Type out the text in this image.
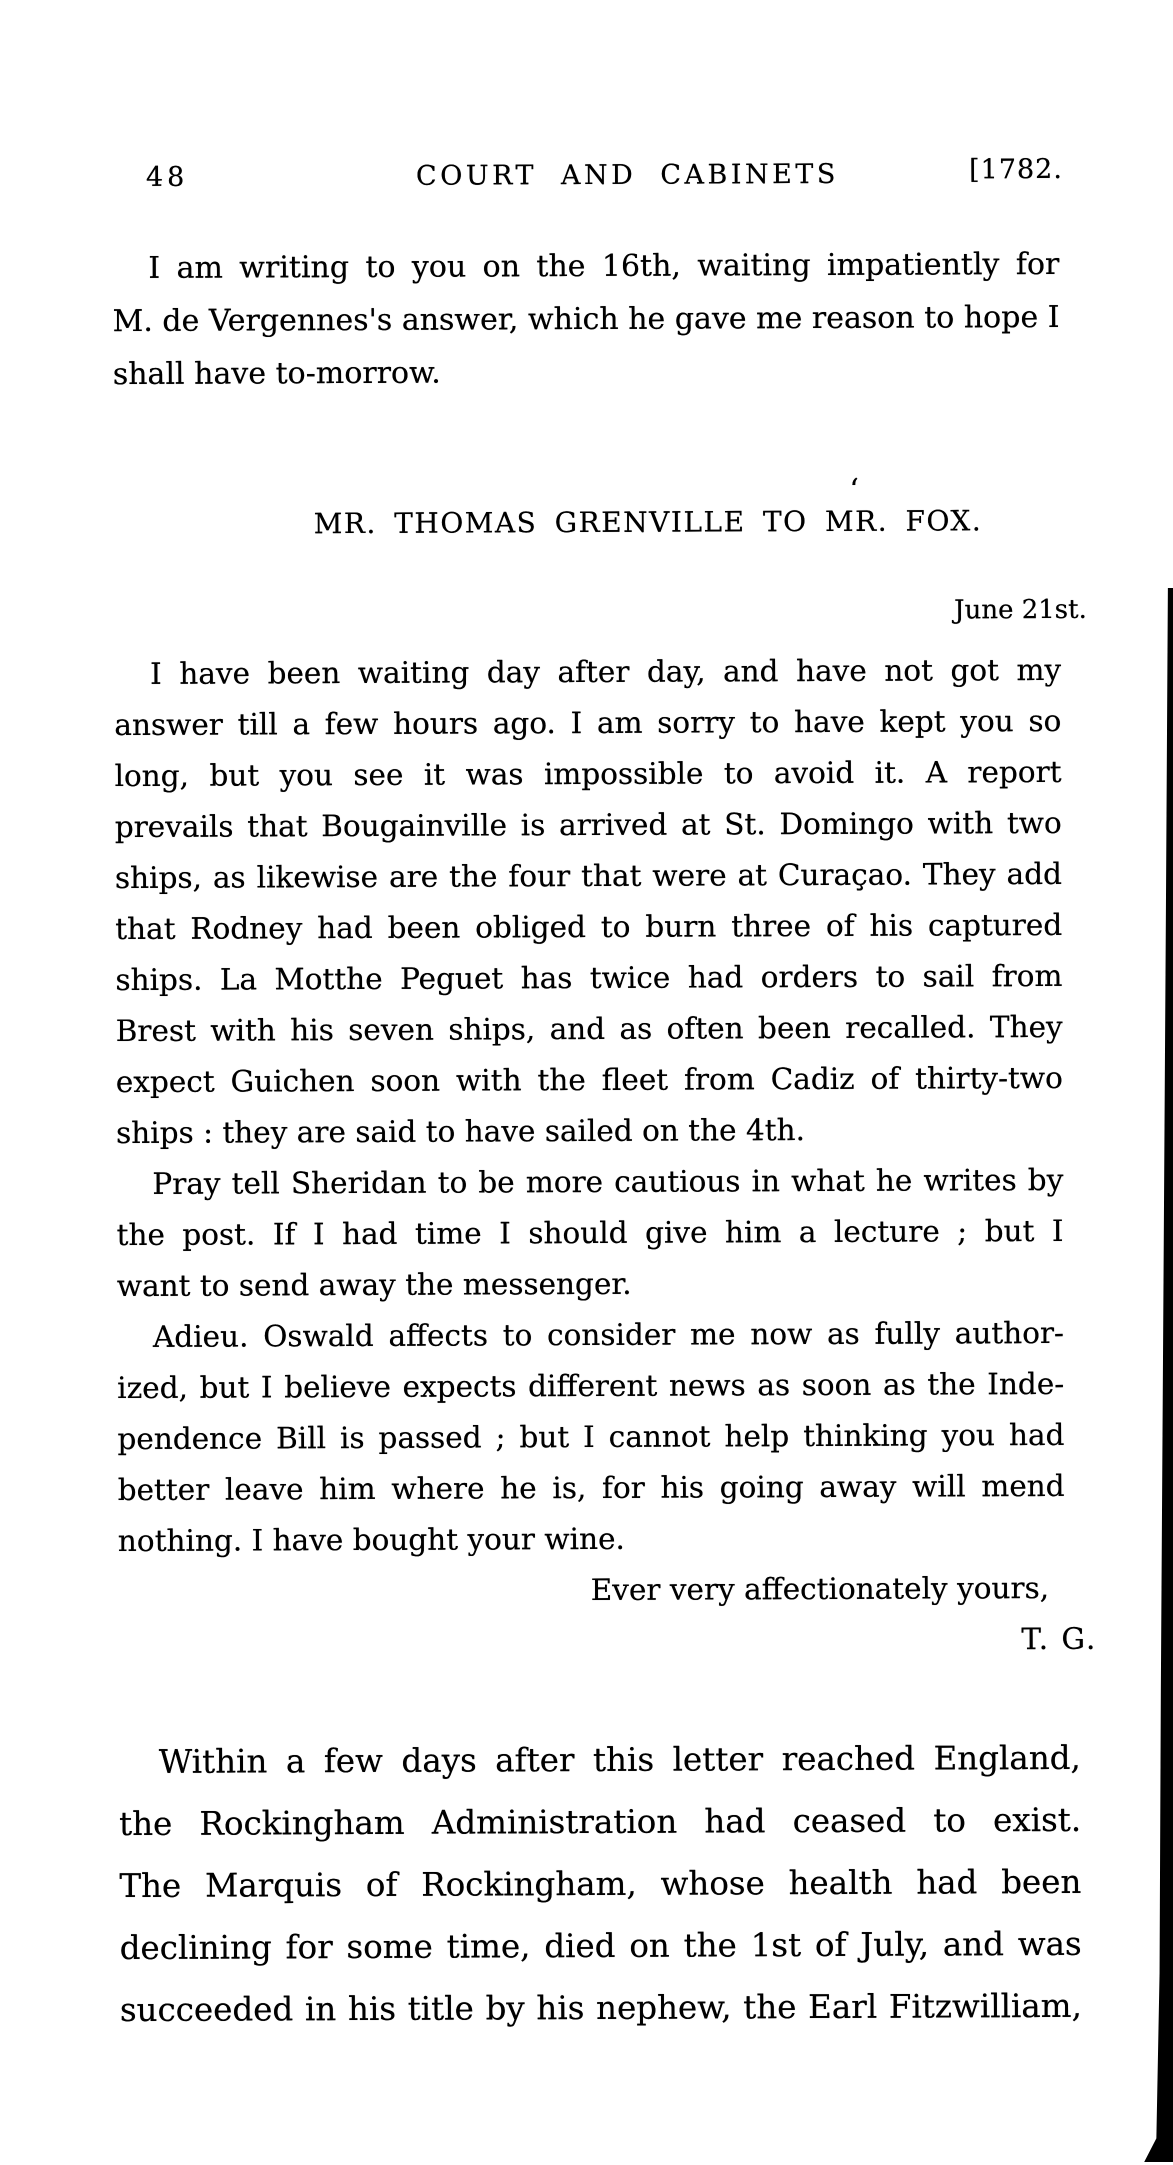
48	COURT AND CABINETS	[1782.
I am writing to you on the 16th, waiting impatiently for
M. de Vergennes's answer, which he gave me reason to hope I
shall have to-morrow.
‘
MR. THOMAS GRENVILLE TO MR. FOX.
June 21st.
I have been waiting day after day, and have not got my
answer till a few hours ago. I am sorry to have kept you so
long, but you see it was impossible to avoid it. A report
prevails that Bougainville is arrived at St. Domingo with two
ships, as likewise are the four that were at Curaçao. They add
that Rodney had been obliged to burn three of his captured
ships. La Motthe Peguet has twice had orders to sail from
Brest with his seven ships, and as often been recalled. They
expect Guichen soon with the fleet from Cadiz of thirty-two
ships : they are said to have sailed on the 4th.
Pray tell Sheridan to be more cautious in what he writes by
the post. If I had time I should give him a lecture ; but I
want to send away the messenger.
Adieu. Oswald affects to consider me now as fully author-
ized, but I believe expects different news as soon as the Inde-
pendence Bill is passed ; but I cannot help thinking you had
better leave him where he is, for his going away will mend
nothing. I have bought your wine.
Ever very affectionately yours,
T. G.
Within a few days after this letter reached England,
the Rockingham Administration had ceased to exist.
The Marquis of Rockingham, whose health had been
declining for some time, died on the 1st of July, and was
succeeded in his title by his nephew, the Earl Fitzwilliam,
